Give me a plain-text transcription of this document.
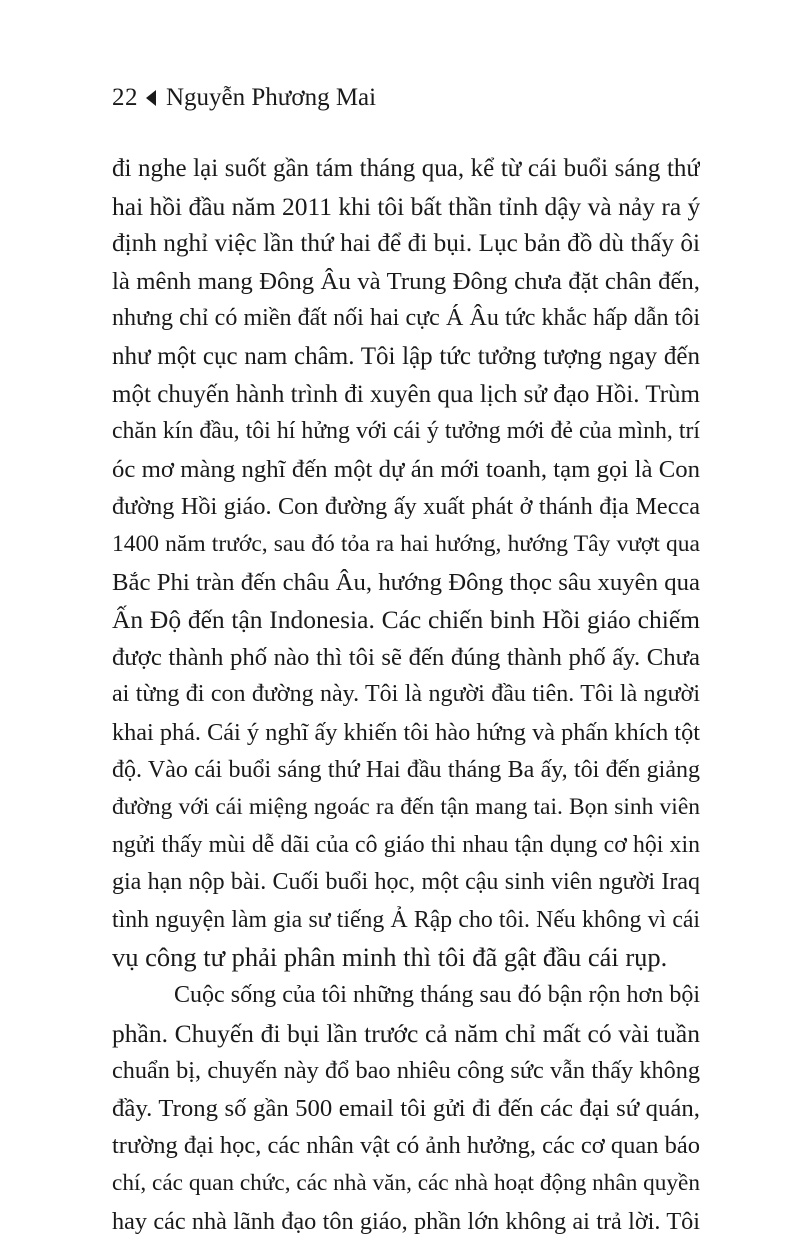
22 Nguyễn Phương Mai
đi nghe lại suốt gần tám tháng qua, kể từ cái buổi sáng thứ
hai hồi đầu năm 2011 khi tôi bất thần tỉnh dậy và nảy ra ý
định nghỉ việc lần thứ hai để đi bụi. Lục bản đồ dù thấy ôi
là mênh mang Đông Âu và Trung Đông chưa đặt chân đến,
nhưng chỉ có miền đất nối hai cực Á Âu tức khắc hấp dẫn tôi
như một cục nam châm. Tôi lập tức tưởng tượng ngay đến
một chuyến hành trình đi xuyên qua lịch sử đạo Hồi. Trùm
chăn kín đầu, tôi hí hửng với cái ý tưởng mới đẻ của mình, trí
óc mơ màng nghĩ đến một dự án mới toanh, tạm gọi là Con
đường Hồi giáo. Con đường ấy xuất phát ở thánh địa Mecca
1400 năm trước, sau đó tỏa ra hai hướng, hướng Tây vượt qua
Bắc Phi tràn đến châu Âu, hướng Đông thọc sâu xuyên qua
Ấn Độ đến tận Indonesia. Các chiến binh Hồi giáo chiếm
được thành phố nào thì tôi sẽ đến đúng thành phố ấy. Chưa
ai từng đi con đường này. Tôi là người đầu tiên. Tôi là người
khai phá. Cái ý nghĩ ấy khiến tôi hào hứng và phấn khích tột
độ. Vào cái buổi sáng thứ Hai đầu tháng Ba ấy, tôi đến giảng
đường với cái miệng ngoác ra đến tận mang tai. Bọn sinh viên
ngửi thấy mùi dễ dãi của cô giáo thi nhau tận dụng cơ hội xin
gia hạn nộp bài. Cuối buổi học, một cậu sinh viên người Iraq
tình nguyện làm gia sư tiếng Ả Rập cho tôi. Nếu không vì cái
vụ công tư phải phân minh thì tôi đã gật đầu cái rụp.
Cuộc sống của tôi những tháng sau đó bận rộn hơn bội
phần. Chuyến đi bụi lần trước cả năm chỉ mất có vài tuần
chuẩn bị, chuyến này đổ bao nhiêu công sức vẫn thấy không
đầy. Trong số gần 500 email tôi gửi đi đến các đại sứ quán,
trường đại học, các nhân vật có ảnh hưởng, các cơ quan báo
chí, các quan chức, các nhà văn, các nhà hoạt động nhân quyền
hay các nhà lãnh đạo tôn giáo, phần lớn không ai trả lời. Tôi
